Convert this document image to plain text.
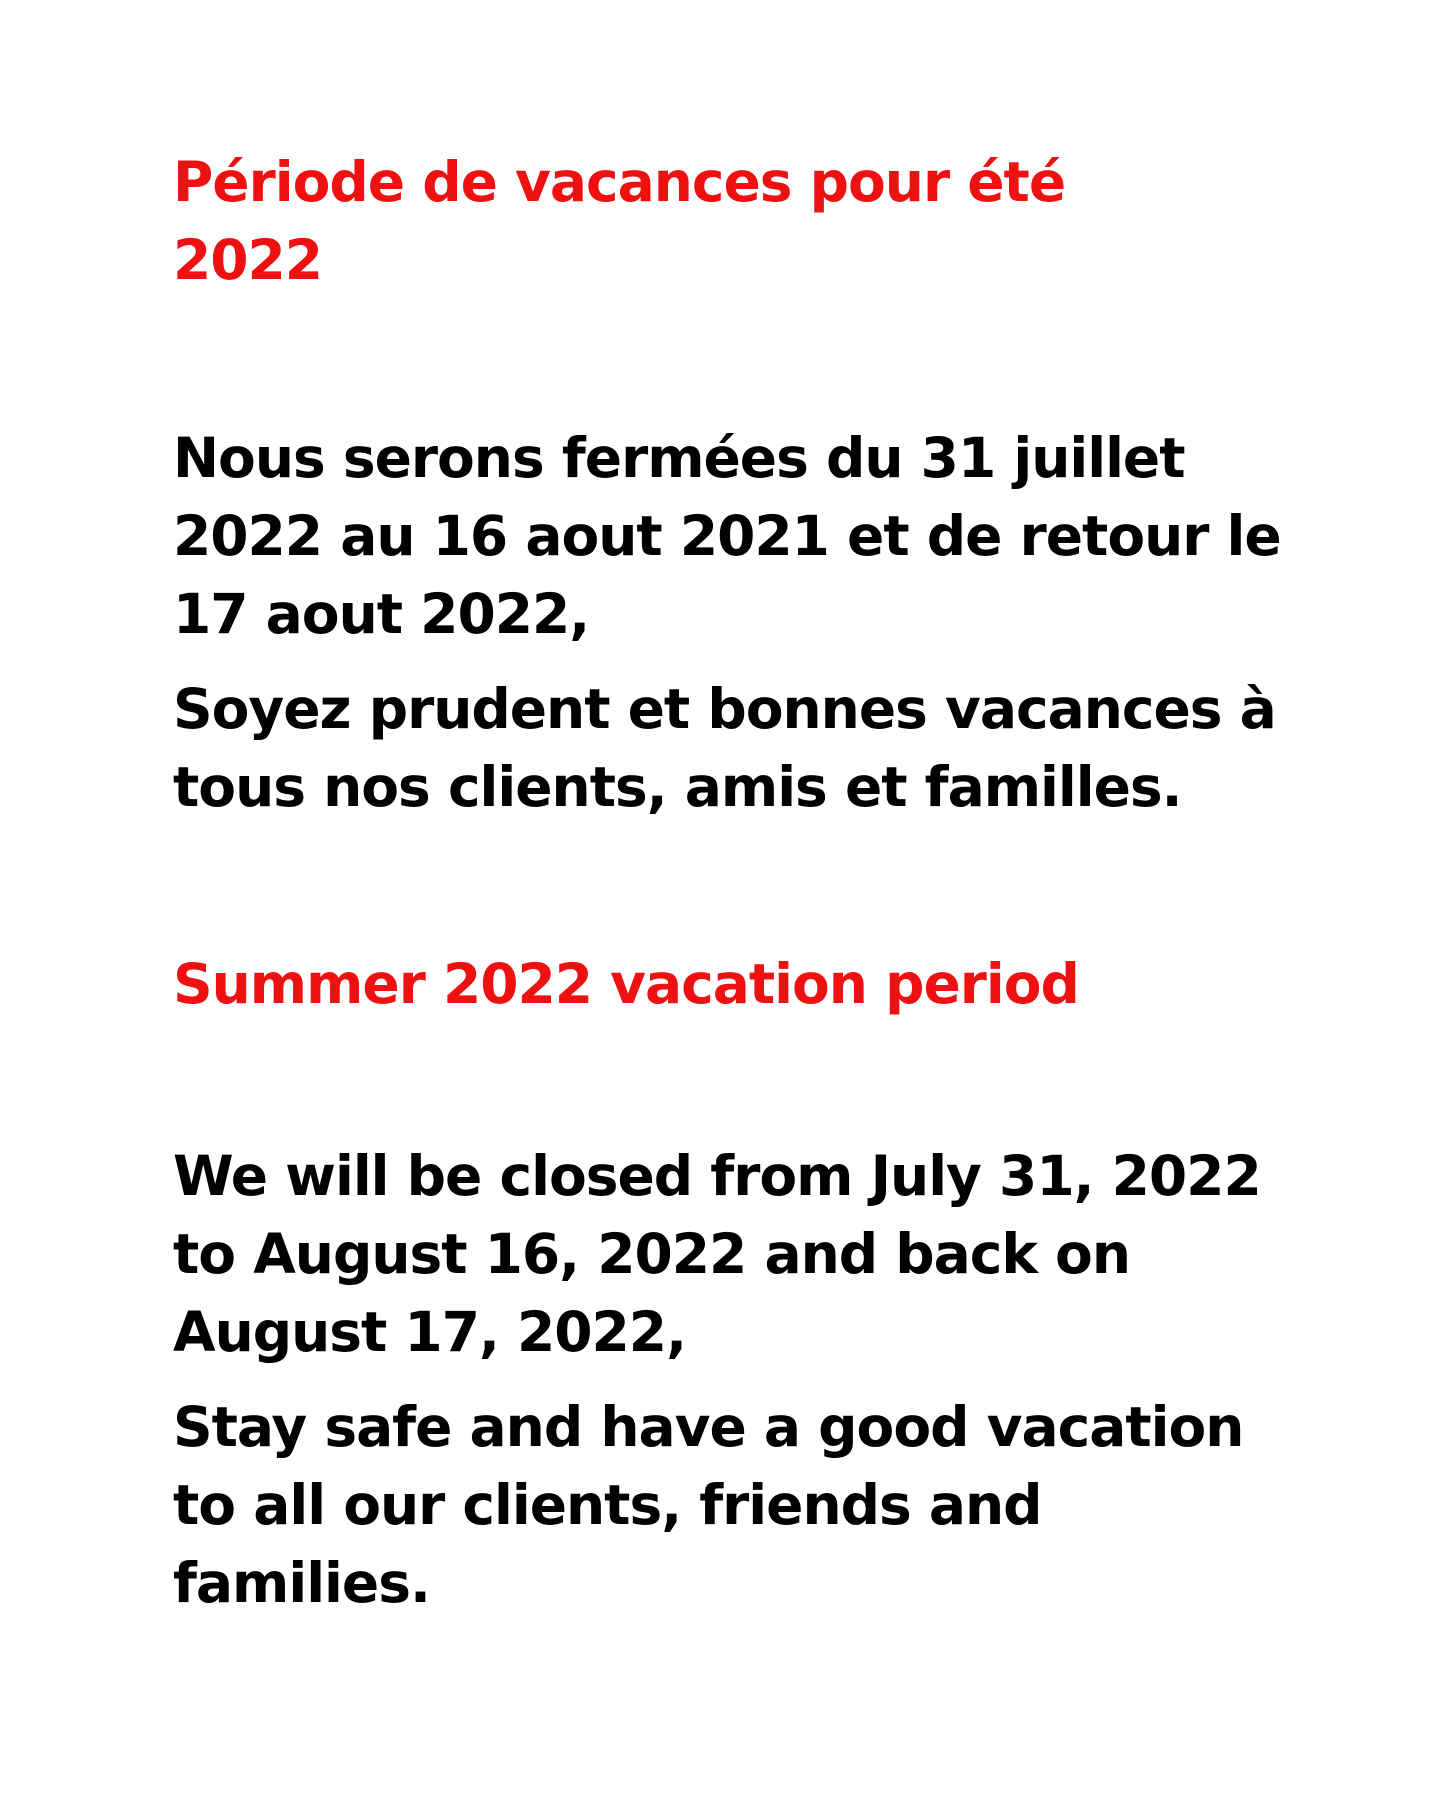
Période de vacances pour été
2022

Nous serons fermées du 31 juillet
2022 au 16 aout 2021 et de retour le
17 aout 2022,

Soyez prudent et bonnes vacances à
tous nos clients, amis et familles.

Summer 2022 vacation period

We will be closed from July 31, 2022
to August 16, 2022 and back on
August 17, 2022,

Stay safe and have a good vacation
to all our clients, friends and
families.
